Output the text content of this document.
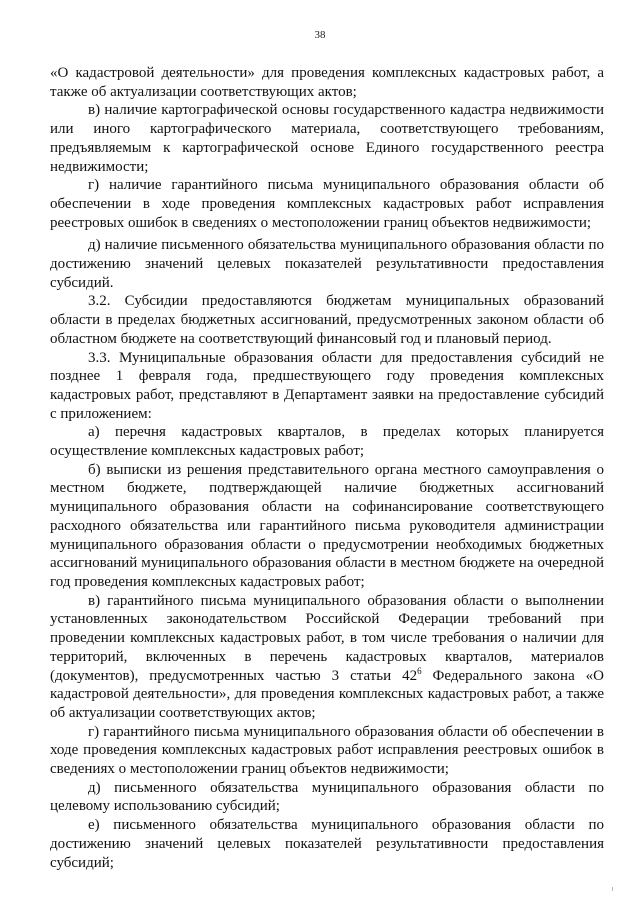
38

«О кадастровой деятельности» для проведения комплексных кадастровых работ, а также об актуализации соответствующих актов;

в) наличие картографической основы государственного кадастра недвижимости или иного картографического материала, соответствующего требованиям, предъявляемым к картографической основе Единого государственного реестра недвижимости;

г) наличие гарантийного письма муниципального образования области об обеспечении в ходе проведения комплексных кадастровых работ исправления реестровых ошибок в сведениях о местоположении границ объектов недвижимости;

д) наличие письменного обязательства муниципального образования области по достижению значений целевых показателей результативности предоставления субсидий.

3.2. Субсидии предоставляются бюджетам муниципальных образований области в пределах бюджетных ассигнований, предусмотренных законом области об областном бюджете на соответствующий финансовый год и плановый период.

3.3. Муниципальные образования области для предоставления субсидий не позднее 1 февраля года, предшествующего году проведения комплексных кадастровых работ, представляют в Департамент заявки на предоставление субсидий с приложением:

а) перечня кадастровых кварталов, в пределах которых планируется осуществление комплексных кадастровых работ;

б) выписки из решения представительного органа местного самоуправления о местном бюджете, подтверждающей наличие бюджетных ассигнований муниципального образования области на софинансирование соответствующего расходного обязательства или гарантийного письма руководителя администрации муниципального образования области о предусмотрении необходимых бюджетных ассигнований муниципального образования области в местном бюджете на очередной год проведения комплексных кадастровых работ;

в) гарантийного письма муниципального образования области о выполнении установленных законодательством Российской Федерации требований при проведении комплексных кадастровых работ, в том числе требования о наличии для территорий, включенных в перечень кадастровых кварталов, материалов (документов), предусмотренных частью 3 статьи $42^6$ Федерального закона «О кадастровой деятельности», для проведения комплексных кадастровых работ, а также об актуализации соответствующих актов;

г) гарантийного письма муниципального образования области об обеспечении в ходе проведения комплексных кадастровых работ исправления реестровых ошибок в сведениях о местоположении границ объектов недвижимости;

д) письменного обязательства муниципального образования области по целевому использованию субсидий;

е) письменного обязательства муниципального образования области по достижению значений целевых показателей результативности предоставления субсидий;
